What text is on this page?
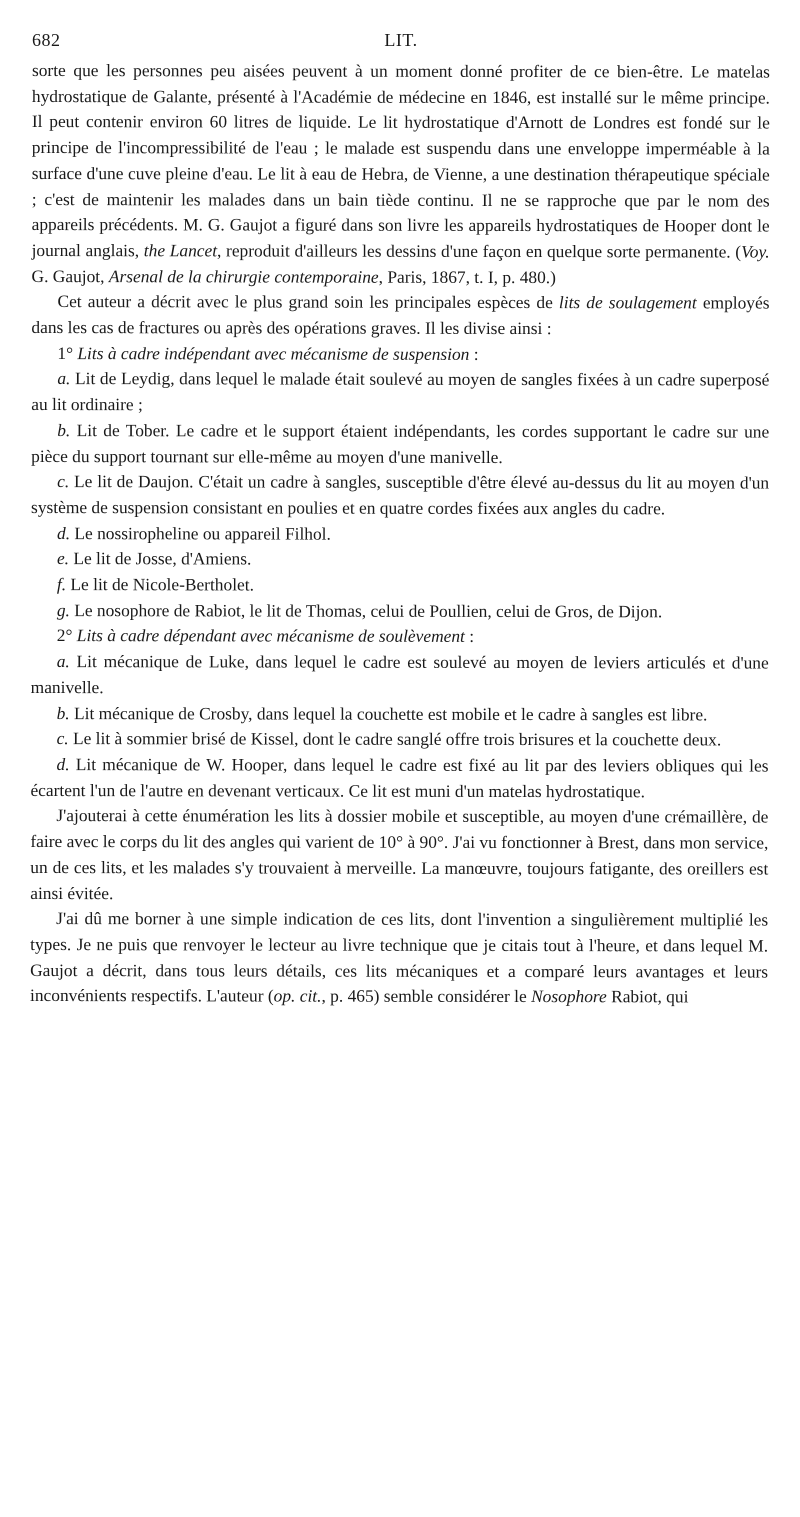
682	LIT.

sorte que les personnes peu aisées peuvent à un moment donné profiter de ce bien-être. Le matelas hydrostatique de Galante, présenté à l'Académie de médecine en 1846, est installé sur le même principe. Il peut contenir environ 60 litres de liquide. Le lit hydrostatique d'Arnott de Londres est fondé sur le principe de l'incompressibilité de l'eau ; le malade est suspendu dans une enveloppe imperméable à la surface d'une cuve pleine d'eau. Le lit à eau de Hebra, de Vienne, a une destination thérapeutique spéciale ; c'est de maintenir les malades dans un bain tiède continu. Il ne se rapproche que par le nom des appareils précédents. M. G. Gaujot a figuré dans son livre les appareils hydrostatiques de Hooper dont le journal anglais, the Lancet, reproduit d'ailleurs les dessins d'une façon en quelque sorte permanente. (Voy. G. Gaujot, Arsenal de la chirurgie contemporaine, Paris, 1867, t. I, p. 480.)

Cet auteur a décrit avec le plus grand soin les principales espèces de lits de soulagement employés dans les cas de fractures ou après des opérations graves. Il les divise ainsi :

1° Lits à cadre indépendant avec mécanisme de suspension :

a. Lit de Leydig, dans lequel le malade était soulevé au moyen de sangles fixées à un cadre superposé au lit ordinaire ;

b. Lit de Tober. Le cadre et le support étaient indépendants, les cordes supportant le cadre sur une pièce du support tournant sur elle-même au moyen d'une manivelle.

c. Le lit de Daujon. C'était un cadre à sangles, susceptible d'être élevé au-dessus du lit au moyen d'un système de suspension consistant en poulies et en quatre cordes fixées aux angles du cadre.

d. Le nossiropheline ou appareil Filhol.

e. Le lit de Josse, d'Amiens.

f. Le lit de Nicole-Bertholet.

g. Le nosophore de Rabiot, le lit de Thomas, celui de Poullien, celui de Gros, de Dijon.

2° Lits à cadre dépendant avec mécanisme de soulèvement :

a. Lit mécanique de Luke, dans lequel le cadre est soulevé au moyen de leviers articulés et d'une manivelle.

b. Lit mécanique de Crosby, dans lequel la couchette est mobile et le cadre à sangles est libre.

c. Le lit à sommier brisé de Kissel, dont le cadre sanglé offre trois brisures et la couchette deux.

d. Lit mécanique de W. Hooper, dans lequel le cadre est fixé au lit par des leviers obliques qui les écartent l'un de l'autre en devenant verticaux. Ce lit est muni d'un matelas hydrostatique.

J'ajouterai à cette énumération les lits à dossier mobile et susceptible, au moyen d'une crémaillère, de faire avec le corps du lit des angles qui varient de 10° à 90°. J'ai vu fonctionner à Brest, dans mon service, un de ces lits, et les malades s'y trouvaient à merveille. La manœuvre, toujours fatigante, des oreillers est ainsi évitée.

J'ai dû me borner à une simple indication de ces lits, dont l'invention a singulièrement multiplié les types. Je ne puis que renvoyer le lecteur au livre technique que je citais tout à l'heure, et dans lequel M. Gaujot a décrit, dans tous leurs détails, ces lits mécaniques et a comparé leurs avantages et leurs inconvénients respectifs. L'auteur (op. cit., p. 465) semble considérer le Nosophore Rabiot, qui
